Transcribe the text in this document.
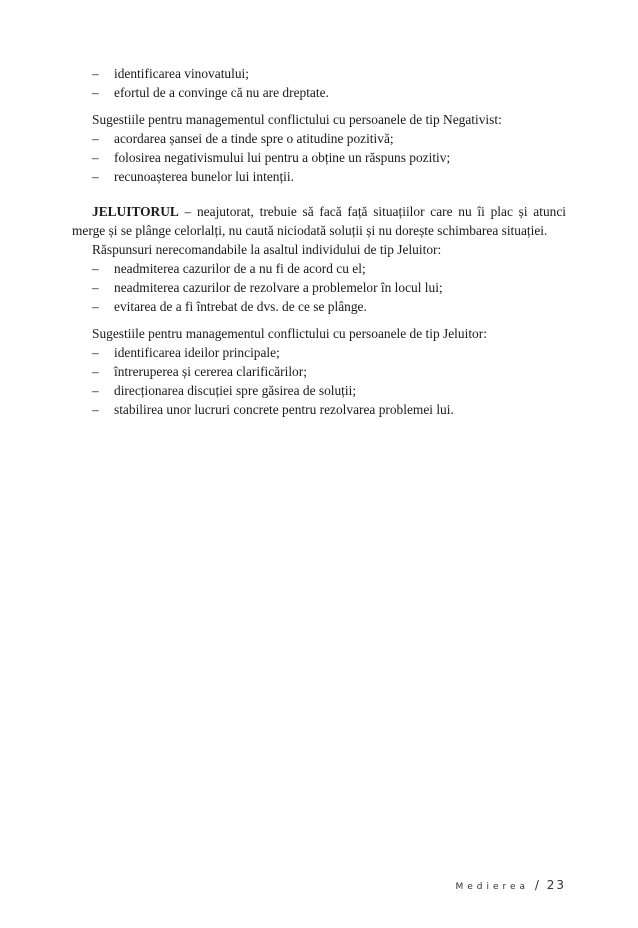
– identificarea vinovatului;
– efortul de a convinge că nu are dreptate.
Sugestiile pentru managementul conflictului cu persoanele de tip Negativist:
– acordarea șansei de a tinde spre o atitudine pozitivă;
– folosirea negativismului lui pentru a obține un răspuns pozitiv;
– recunoașterea bunelor lui intenții.
JELUITORUL – neajutorat, trebuie să facă față situațiilor care nu îi plac și atunci merge și se plânge celorlalți, nu caută niciodată soluții și nu dorește schimbarea situației.
Răspunsuri nerecomandabile la asaltul individului de tip Jeluitor:
– neadmiterea cazurilor de a nu fi de acord cu el;
– neadmiterea cazurilor de rezolvare a problemelor în locul lui;
– evitarea de a fi întrebat de dvs. de ce se plânge.
Sugestiile pentru managementul conflictului cu persoanele de tip Jeluitor:
– identificarea ideilor principale;
– întreruperea și cererea clarificărilor;
– direcționarea discuției spre găsirea de soluții;
– stabilirea unor lucruri concrete pentru rezolvarea problemei lui.
Medierea / 23
